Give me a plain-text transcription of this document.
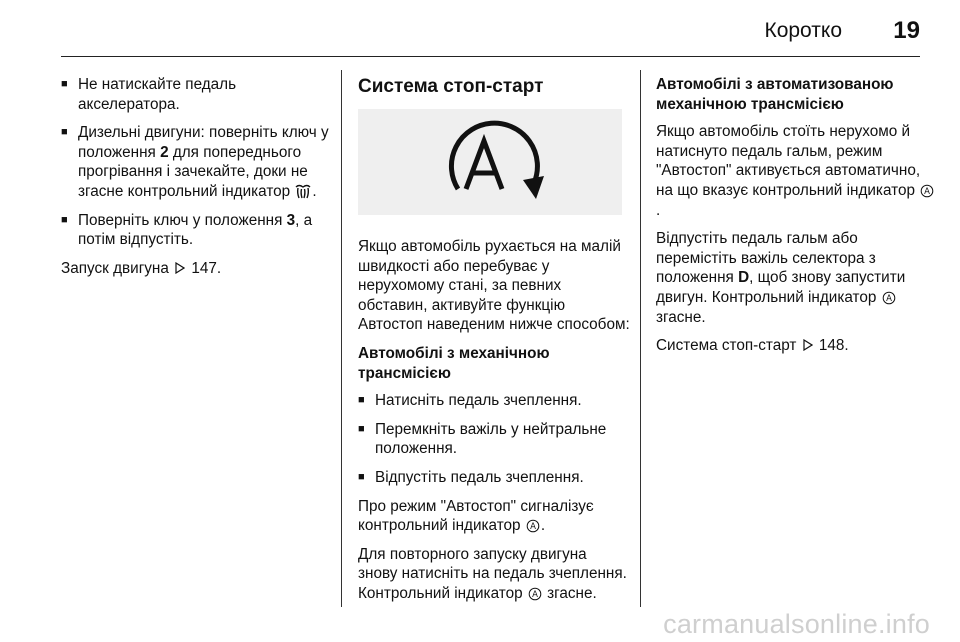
Коротко 19
■ Не натискайте педаль акселератора.
■ Дизельні двигуни: поверніть ключ у положення 2 для попереднього прогрівання і зачекайте, доки не згасне контрольний індикатор .
■ Поверніть ключ у положення 3, а потім відпустіть.

Запуск двигуна  147.

Система стоп-старт

Якщо автомобіль рухається на малій швидкості або перебуває у нерухомому стані, за певних обставин, активуйте функцію Автостоп наведеним нижче способом:

Автомобілі з механічною трансмісією

■ Натисніть педаль зчеплення.
■ Перемкніть важіль у нейтральне положення.
■ Відпустіть педаль зчеплення.

Про режим "Автостоп" сигналізує контрольний індикатор A .

Для повторного запуску двигуна знову натисніть на педаль зчеплення. Контрольний індикатор A згасне.

Автомобілі з автоматизованою механічною трансмісією

Якщо автомобіль стоїть нерухомо й натиснуто педаль гальм, режим "Автостоп" активується автоматично, на що вказує контрольний індикатор A
.

Відпустіть педаль гальм або перемістіть важіль селектора з положення D, щоб знову запустити двигун. Контрольний індикатор A
згасне.

Система стоп-старт  148.

carmanualsonline.info
